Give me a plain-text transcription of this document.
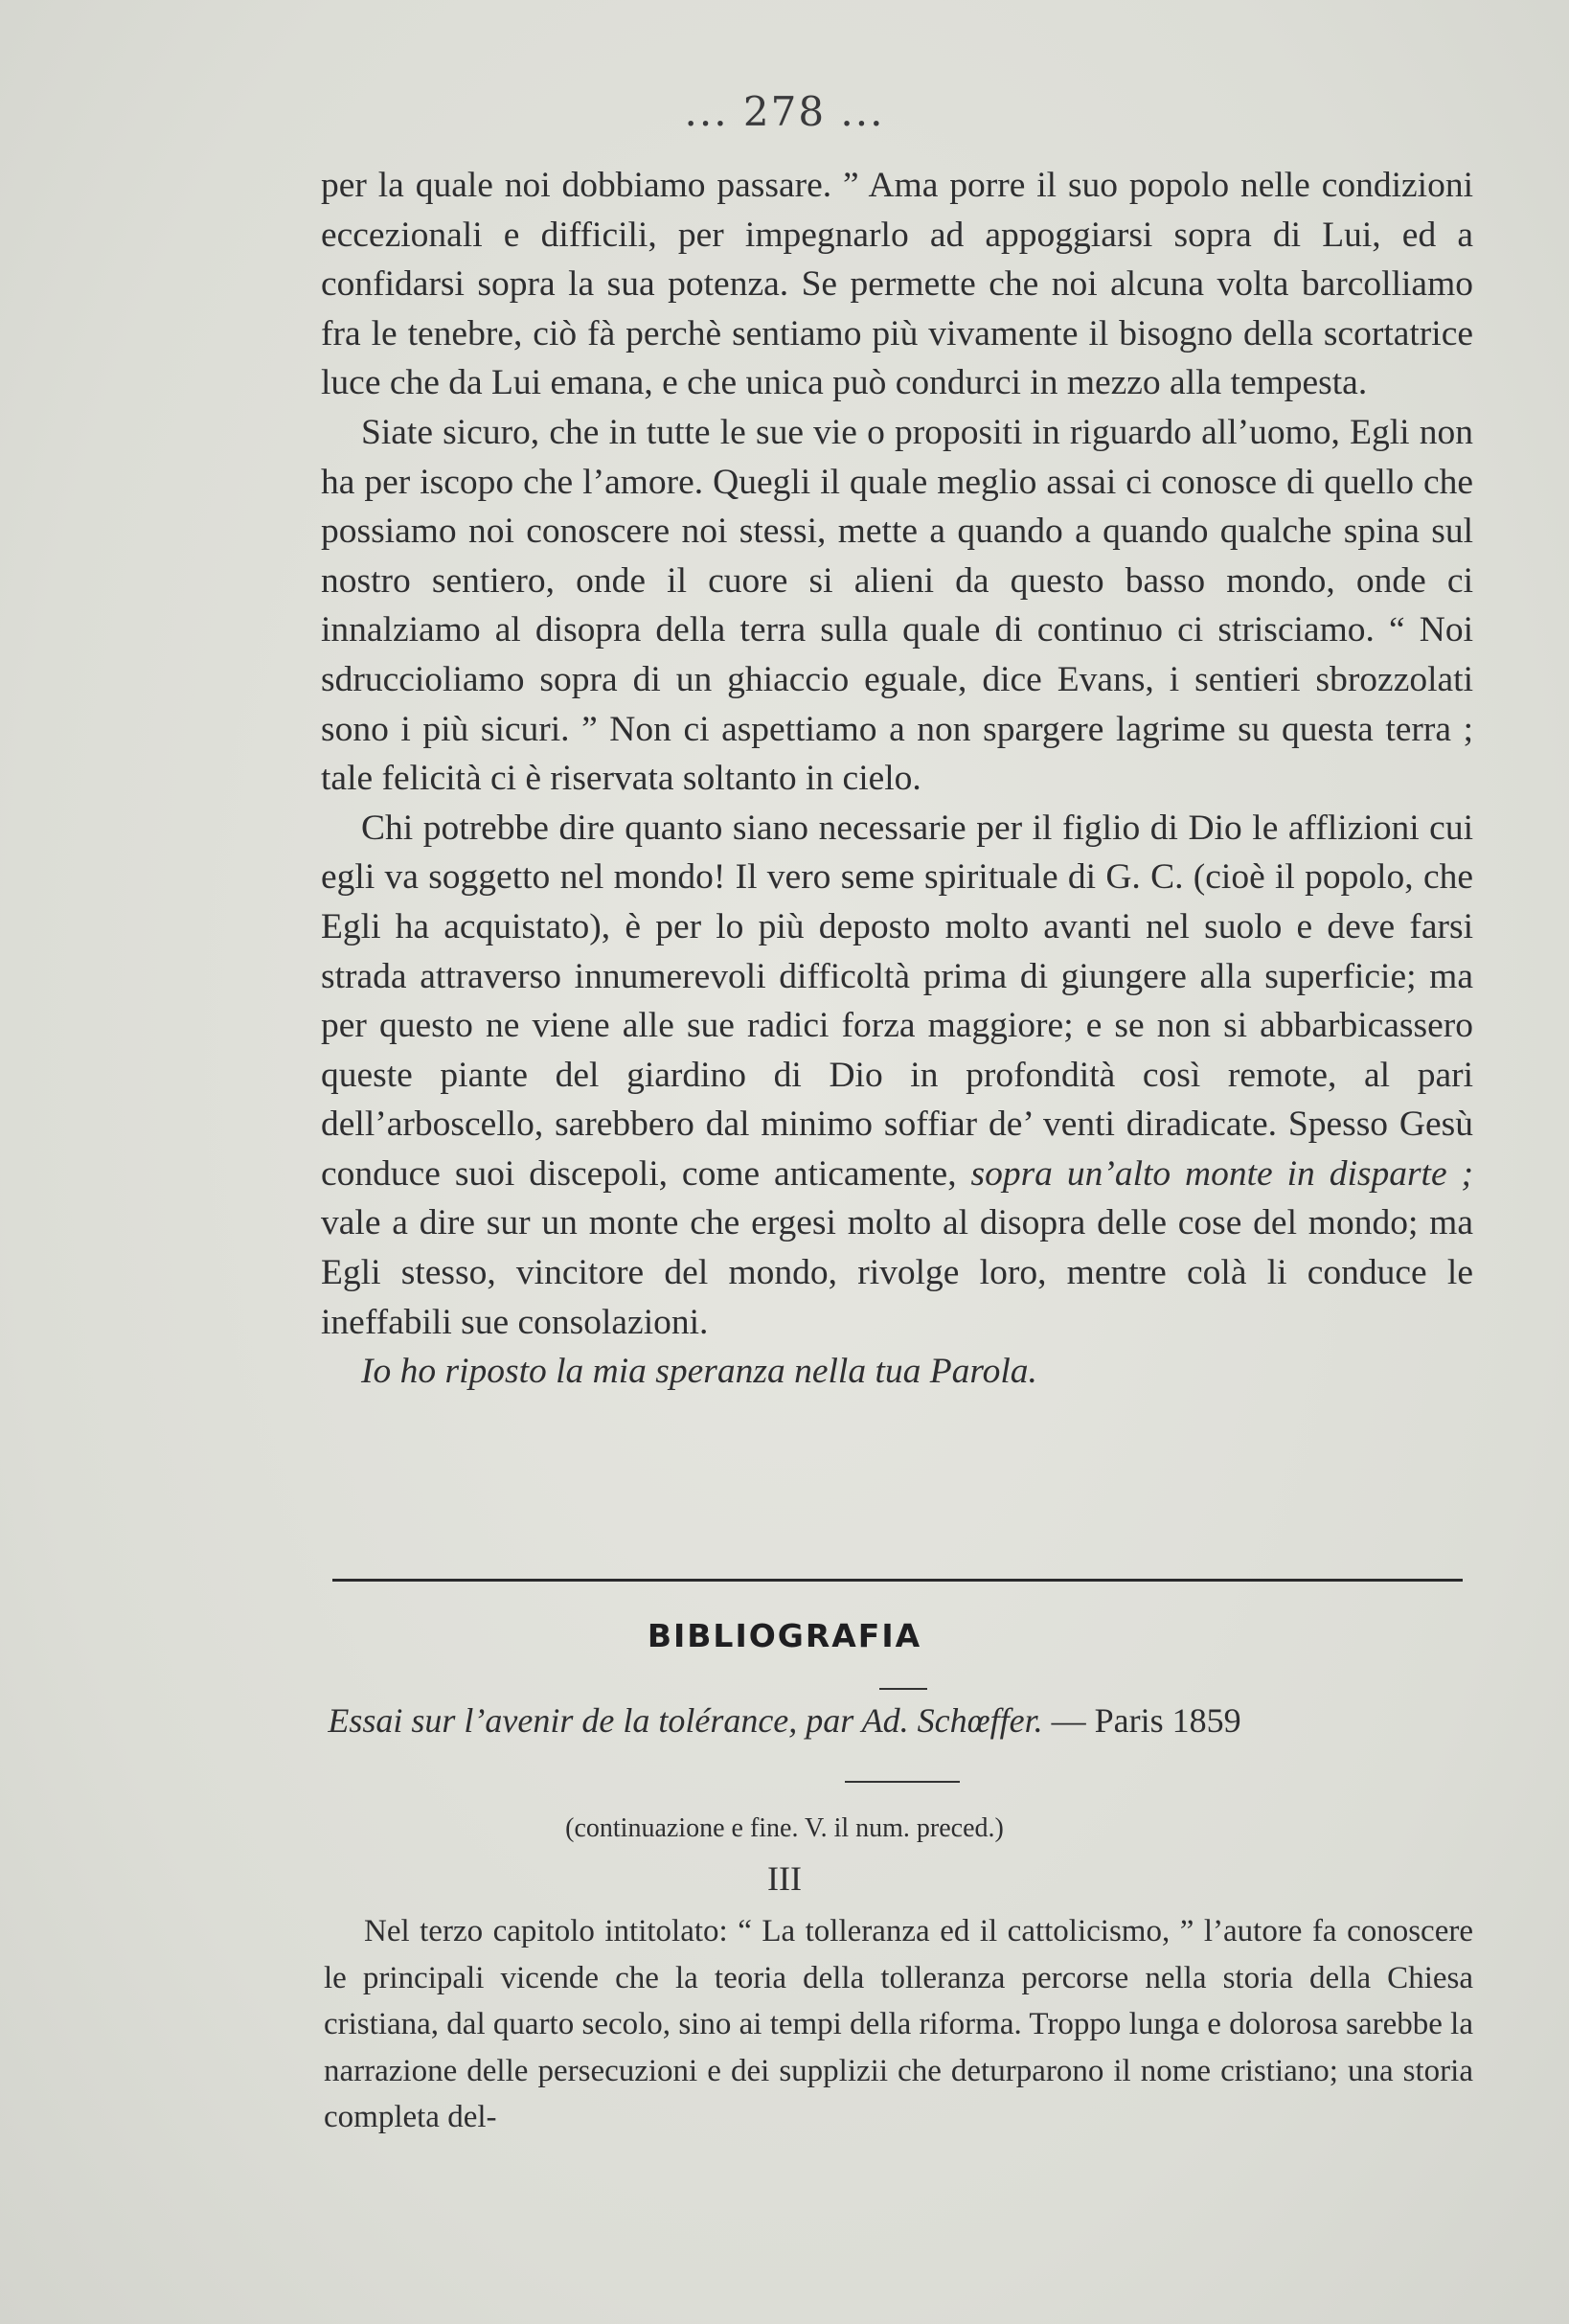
... 278 ...

per la quale noi dobbiamo passare. ” Ama porre il suo popolo nelle condizioni eccezionali e difficili, per impegnarlo ad appoggiarsi sopra di Lui, ed a confidarsi sopra la sua potenza. Se permette che noi alcuna volta barcolliamo fra le tenebre, ciò fà perchè sentiamo più vivamente il bisogno della scortatrice luce che da Lui emana, e che unica può condurci in mezzo alla tempesta.

Siate sicuro, che in tutte le sue vie o propositi in riguardo all’uomo, Egli non ha per iscopo che l’amore. Quegli il quale meglio assai ci conosce di quello che possiamo noi conoscere noi stessi, mette a quando a quando qualche spina sul nostro sentiero, onde il cuore si alieni da questo basso mondo, onde ci innalziamo al disopra della terra sulla quale di continuo ci strisciamo. “ Noi sdruccioliamo sopra di un ghiaccio eguale, dice Evans, i sentieri sbrozzolati sono i più sicuri. ” Non ci aspettiamo a non spargere lagrime su questa terra ; tale felicità ci è riservata soltanto in cielo.

Chi potrebbe dire quanto siano necessarie per il figlio di Dio le afflizioni cui egli va soggetto nel mondo! Il vero seme spirituale di G. C. (cioè il popolo, che Egli ha acquistato), è per lo più deposto molto avanti nel suolo e deve farsi strada attraverso innumerevoli difficoltà prima di giungere alla superficie; ma per questo ne viene alle sue radici forza maggiore; e se non si abbarbicassero queste piante del giardino di Dio in profondità così remote, al pari dell’arboscello, sarebbero dal minimo soffiar de’ venti diradicate. Spesso Gesù conduce suoi discepoli, come anticamente, sopra un’alto monte in disparte ; vale a dire sur un monte che ergesi molto al disopra delle cose del mondo; ma Egli stesso, vincitore del mondo, rivolge loro, mentre colà li conduce le ineffabili sue consolazioni.

Io ho riposto la mia speranza nella tua Parola.

BIBLIOGRAFIA
Essai sur l’avenir de la tolérance, par Ad. Schœffer. — Paris 1859
(continuazione e fine. V. il num. preced.)
III

Nel terzo capitolo intitolato: “ La tolleranza ed il cattolicismo, ” l’autore fa conoscere le principali vicende che la teoria della tolleranza percorse nella storia della Chiesa cristiana, dal quarto secolo, sino ai tempi della riforma. Troppo lunga e dolorosa sarebbe la narrazione delle persecuzioni e dei supplizii che deturparono il nome cristiano; una storia completa del-
